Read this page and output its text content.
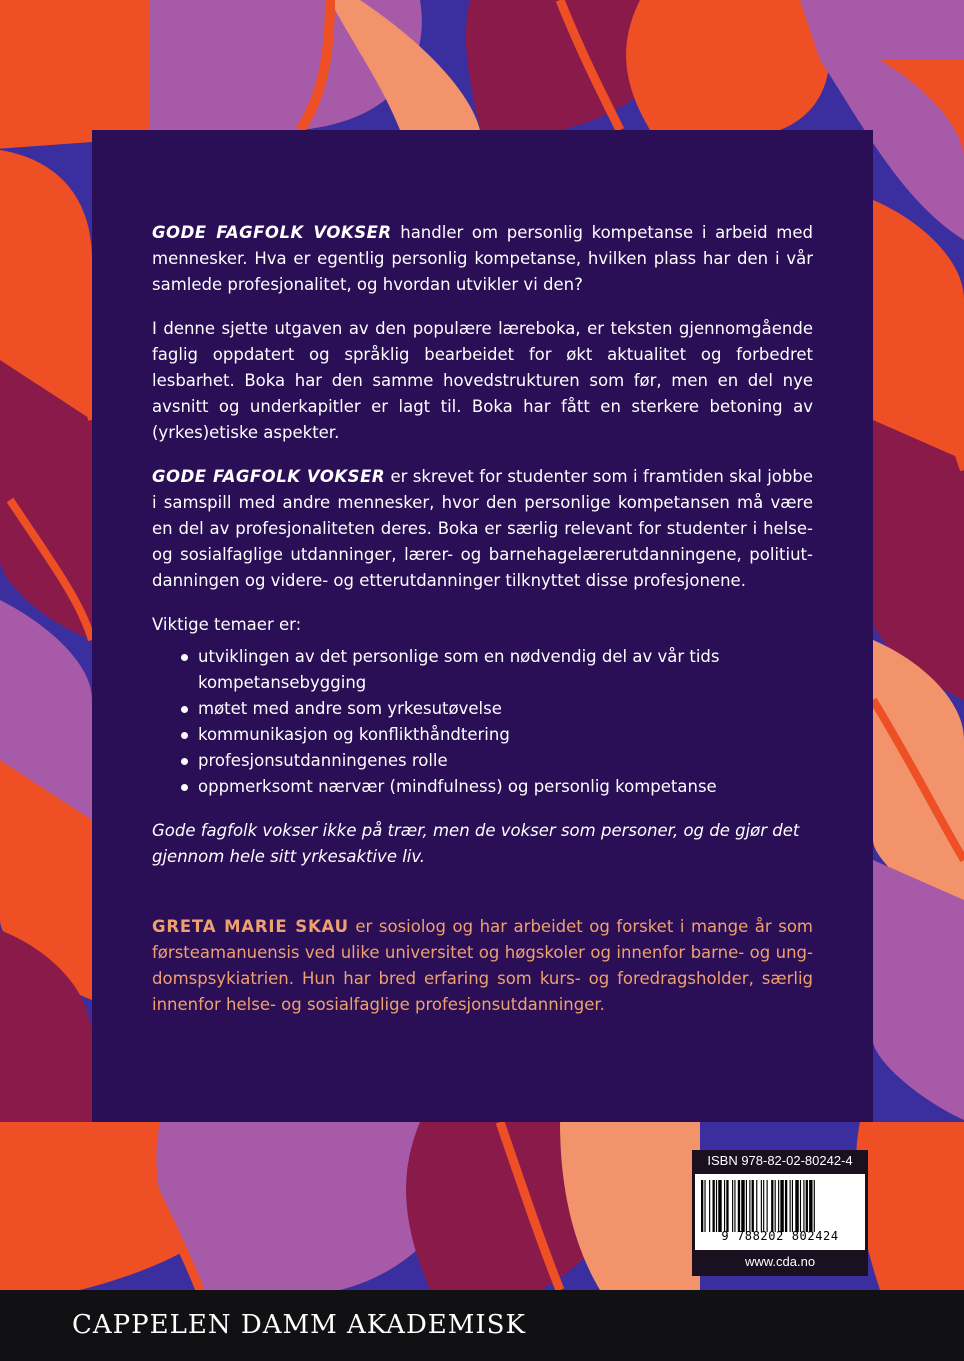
GODE FAGFOLK VOKSER handler om personlig kompetanse i arbeid med mennesker. Hva er egentlig personlig kompetanse, hvilken plass har den i vår samlede profesjonalitet, og hvordan utvikler vi den?

I denne sjette utgaven av den populære læreboka, er teksten gjennomgående faglig oppdatert og språklig bearbeidet for økt aktualitet og forbedret lesbarhet. Boka har den samme hovedstrukturen som før, men en del nye avsnitt og underkapitler er lagt til. Boka har fått en sterkere betoning av (yrkes)etiske aspekter.

GODE FAGFOLK VOKSER er skrevet for studenter som i framtiden skal jobbe i samspill med andre mennesker, hvor den personlige kompetansen må være en del av profesjonaliteten deres. Boka er særlig relevant for studenter i helse- og sosialfaglige utdanninger, lærer- og barnehagelærerutdanningene, politiutdanningen og videre- og etterutdanninger tilknyttet disse profesjonene.

Viktige temaer er:

utviklingen av det personlige som en nødvendig del av vår tids kompetansebygging
møtet med andre som yrkesutøvelse
kommunikasjon og konflikthåndtering
profesjonsutdanningenes rolle
oppmerksomt nærvær (mindfulness) og personlig kompetanse

Gode fagfolk vokser ikke på trær, men de vokser som personer, og de gjør det gjennom hele sitt yrkesaktive liv.

GRETA MARIE SKAU er sosiolog og har arbeidet og forsket i mange år som førsteamanuensis ved ulike universitet og høgskoler og innenfor barne- og ungdomspsykiatrien. Hun har bred erfaring som kurs- og foredragsholder, særlig innenfor helse- og sosialfaglige profesjonsutdanninger.

ISBN 978-82-02-80242-4
9 788202 802424
www.cda.no
CAPPELEN DAMM AKADEMISK
